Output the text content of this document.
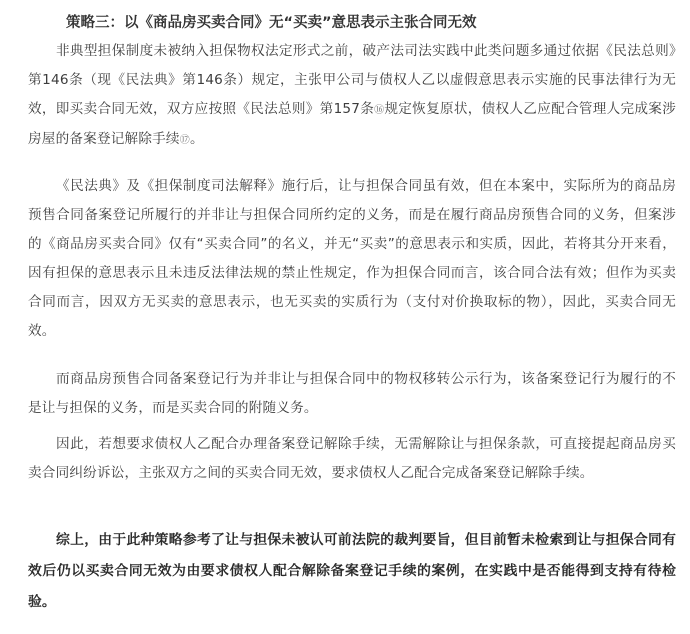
策略三：以《商品房买卖合同》无“买卖”意思表示主张合同无效

非典型担保制度未被纳入担保物权法定形式之前，破产法司法实践中此类问题多通过依据《民法总则》第146条（现《民法典》第146条）规定，主张甲公司与债权人乙以虚假意思表示实施的民事法律行为无效，即买卖合同无效，双方应按照《民法总则》第157条⑯规定恢复原状，债权人乙应配合管理人完成案涉房屋的备案登记解除手续⑰。

《民法典》及《担保制度司法解释》施行后，让与担保合同虽有效，但在本案中，实际所为的商品房预售合同备案登记所履行的并非让与担保合同所约定的义务，而是在履行商品房预售合同的义务，但案涉的《商品房买卖合同》仅有“买卖合同”的名义，并无“买卖”的意思表示和实质，因此，若将其分开来看，因有担保的意思表示且未违反法律法规的禁止性规定，作为担保合同而言，该合同合法有效；但作为买卖合同而言，因双方无买卖的意思表示，也无买卖的实质行为（支付对价换取标的物），因此，买卖合同无效。

而商品房预售合同备案登记行为并非让与担保合同中的物权移转公示行为，该备案登记行为履行的不是让与担保的义务，而是买卖合同的附随义务。

因此，若想要求债权人乙配合办理备案登记解除手续，无需解除让与担保条款，可直接提起商品房买卖合同纠纷诉讼，主张双方之间的买卖合同无效，要求债权人乙配合完成备案登记解除手续。

综上，由于此种策略参考了让与担保未被认可前法院的裁判要旨，但目前暂未检索到让与担保合同有效后仍以买卖合同无效为由要求债权人配合解除备案登记手续的案例，在实践中是否能得到支持有待检验。
